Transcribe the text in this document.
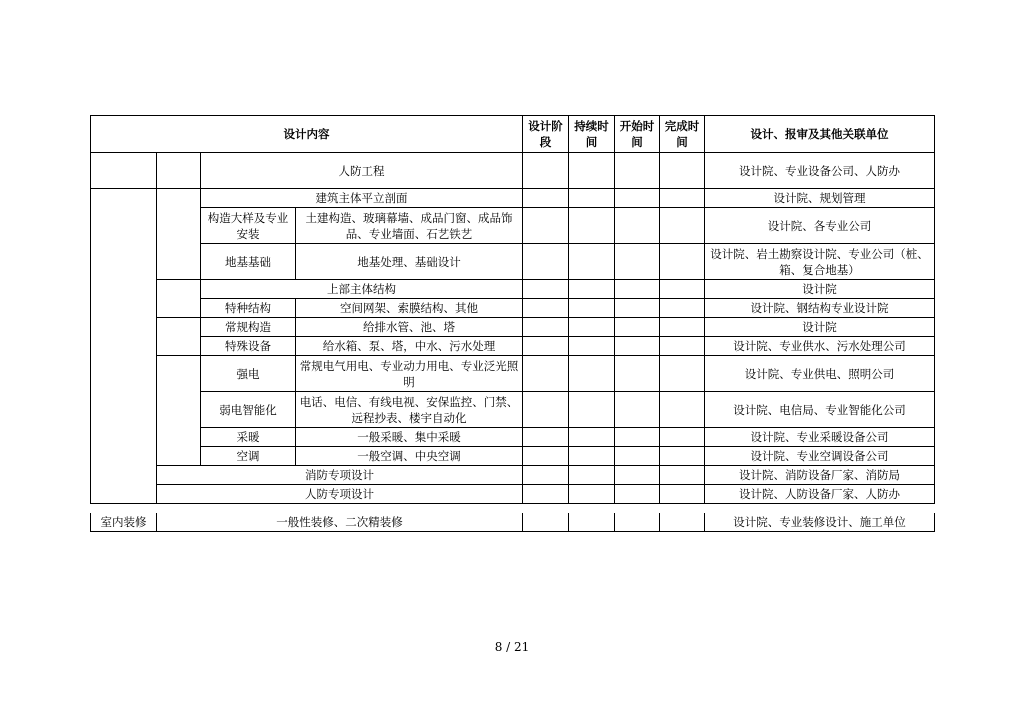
设计内容				设计阶段	持续时间	开始时间	完成时间	设计、报审及其他关联单位
		人防工程						设计院、专业设备公司、人防办
		建筑主体平立剖面						设计院、规划管理
		构造大样及专业安装	土建构造、玻璃幕墙、成品门窗、成品饰品、专业墙面、石艺铁艺					设计院、各专业公司
		地基基础	地基处理、基础设计					设计院、岩土勘察设计院、专业公司（桩、箱、复合地基）
		上部主体结构						设计院
		特种结构	空间网架、索膜结构、其他					设计院、钢结构专业设计院
		常规构造	给排水管、池、塔					设计院
		特殊设备	给水箱、泵、塔，中水、污水处理					设计院、专业供水、污水处理公司
		强电	常规电气用电、专业动力用电、专业泛光照明					设计院、专业供电、照明公司
		弱电智能化	电话、电信、有线电视、安保监控、门禁、远程抄表、楼宇自动化					设计院、电信局、专业智能化公司
		采暖	一般采暖、集中采暖					设计院、专业采暖设备公司
		空调	一般空调、中央空调					设计院、专业空调设备公司
	消防专项设计							设计院、消防设备厂家、消防局
	人防专项设计							设计院、人防设备厂家、人防办
室内装修	一般性装修、二次精装修					设计院、专业装修设计、施工单位
8 / 21
